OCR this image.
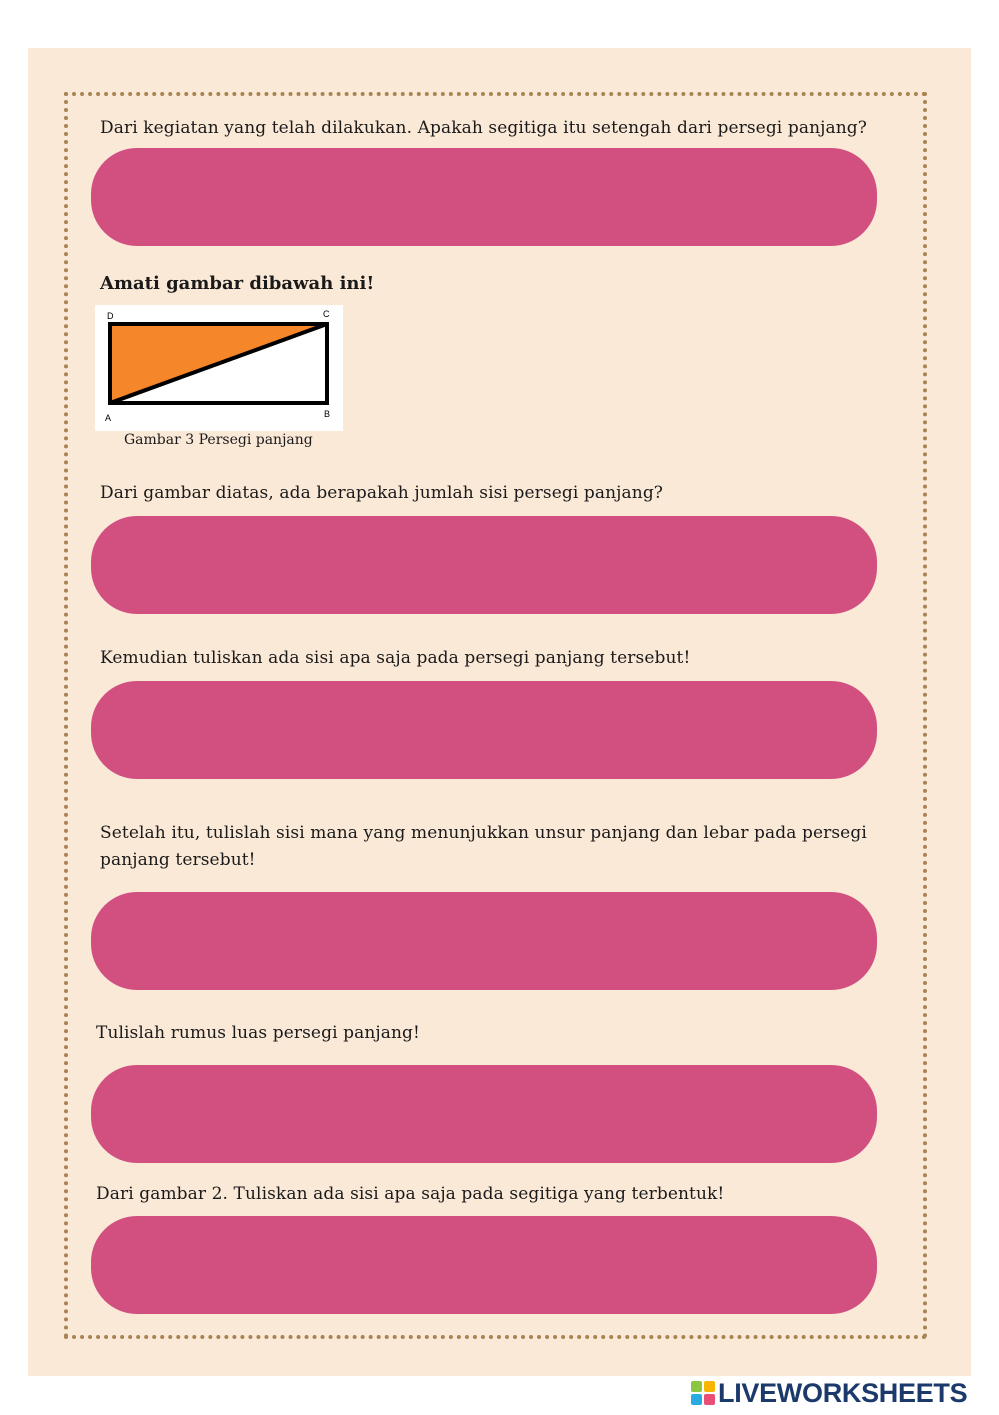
Dari kegiatan yang telah dilakukan. Apakah segitiga itu setengah dari persegi panjang?

Amati gambar dibawah ini!

D	C
A	B

Gambar 3 Persegi panjang

Dari gambar diatas, ada berapakah jumlah sisi persegi panjang?

Kemudian tuliskan ada sisi apa saja pada persegi panjang tersebut!

Setelah itu, tulislah sisi mana yang menunjukkan unsur panjang dan lebar pada persegi panjang tersebut!

Tulislah rumus luas persegi panjang!

Dari gambar 2. Tuliskan ada sisi apa saja pada segitiga yang terbentuk!

LIVEWORKSHEETS
